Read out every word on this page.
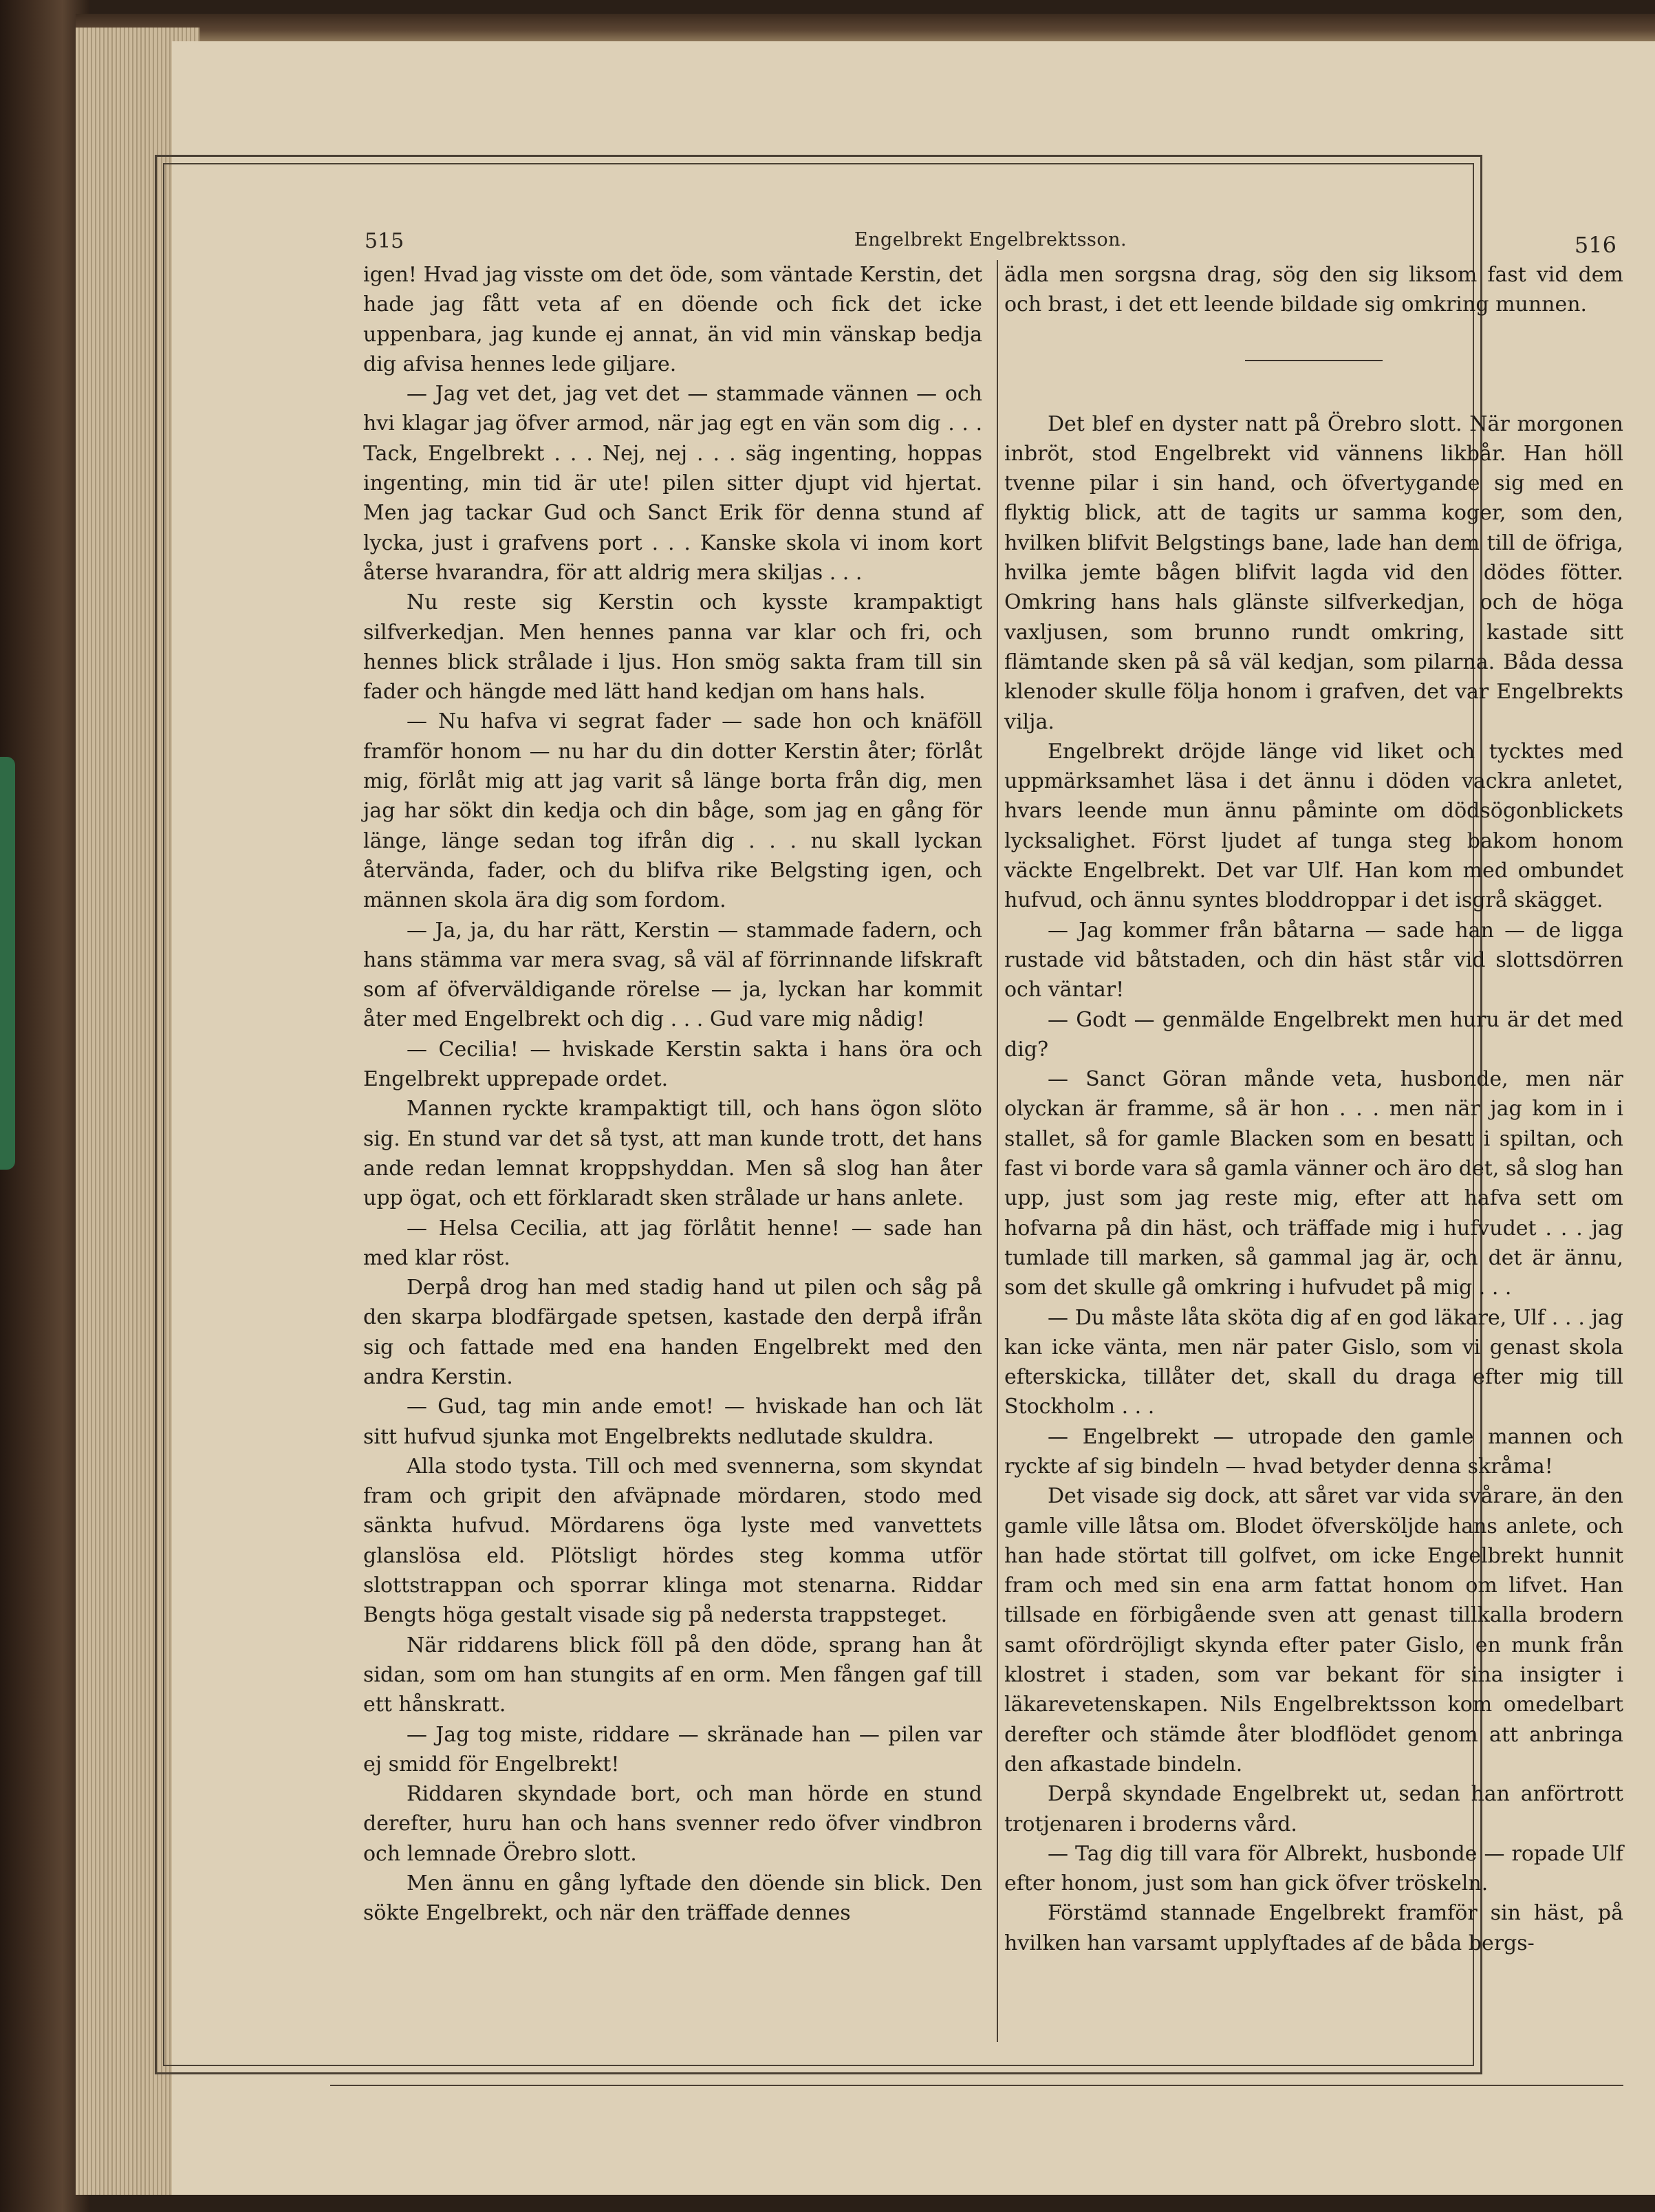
515	Engelbrekt Engelbrektsson.	516

igen! Hvad jag visste om det öde, som väntade Kerstin, det hade jag fått veta af en döende och fick det icke uppenbara, jag kunde ej annat, än vid min vänskap bedja dig afvisa hennes lede giljare.

— Jag vet det, jag vet det — stammade vännen — och hvi klagar jag öfver armod, när jag egt en vän som dig . . . Tack, Engelbrekt . . . Nej, nej . . . säg ingenting, hoppas ingenting, min tid är ute! pilen sitter djupt vid hjertat. Men jag tackar Gud och Sanct Erik för denna stund af lycka, just i grafvens port . . . Kanske skola vi inom kort återse hvarandra, för att aldrig mera skiljas . . .

Nu reste sig Kerstin och kysste krampaktigt silfverkedjan. Men hennes panna var klar och fri, och hennes blick strålade i ljus. Hon smög sakta fram till sin fader och hängde med lätt hand kedjan om hans hals.

— Nu hafva vi segrat fader — sade hon och knäföll framför honom — nu har du din dotter Kerstin åter; förlåt mig, förlåt mig att jag varit så länge borta från dig, men jag har sökt din kedja och din båge, som jag en gång för länge, länge sedan tog ifrån dig . . . nu skall lyckan återvända, fader, och du blifva rike Belgsting igen, och männen skola ära dig som fordom.

— Ja, ja, du har rätt, Kerstin — stammade fadern, och hans stämma var mera svag, så väl af förrinnande lifskraft som af öfverväldigande rörelse — ja, lyckan har kommit åter med Engelbrekt och dig . . . Gud vare mig nådig!

— Cecilia! — hviskade Kerstin sakta i hans öra och Engelbrekt upprepade ordet.

Mannen ryckte krampaktigt till, och hans ögon slöto sig. En stund var det så tyst, att man kunde trott, det hans ande redan lemnat kroppshyddan. Men så slog han åter upp ögat, och ett förklaradt sken strålade ur hans anlete.

— Helsa Cecilia, att jag förlåtit henne! — sade han med klar röst.

Derpå drog han med stadig hand ut pilen och såg på den skarpa blodfärgade spetsen, kastade den derpå ifrån sig och fattade med ena handen Engelbrekt med den andra Kerstin.

— Gud, tag min ande emot! — hviskade han och lät sitt hufvud sjunka mot Engelbrekts nedlutade skuldra.

Alla stodo tysta. Till och med svennerna, som skyndat fram och gripit den afväpnade mördaren, stodo med sänkta hufvud. Mördarens öga lyste med vanvettets glanslösa eld. Plötsligt hördes steg komma utför slottstrappan och sporrar klinga mot stenarna. Riddar Bengts höga gestalt visade sig på nedersta trappsteget.

När riddarens blick föll på den döde, sprang han åt sidan, som om han stungits af en orm. Men fången gaf till ett hånskratt.

— Jag tog miste, riddare — skränade han — pilen var ej smidd för Engelbrekt!

Riddaren skyndade bort, och man hörde en stund derefter, huru han och hans svenner redo öfver vindbron och lemnade Örebro slott.

Men ännu en gång lyftade den döende sin blick. Den sökte Engelbrekt, och när den träffade dennes

ädla men sorgsna drag, sög den sig liksom fast vid dem och brast, i det ett leende bildade sig omkring munnen.

Det blef en dyster natt på Örebro slott. När morgonen inbröt, stod Engelbrekt vid vännens likbår. Han höll tvenne pilar i sin hand, och öfvertygande sig med en flyktig blick, att de tagits ur samma koger, som den, hvilken blifvit Belgstings bane, lade han dem till de öfriga, hvilka jemte bågen blifvit lagda vid den dödes fötter. Omkring hans hals glänste silfverkedjan, och de höga vaxljusen, som brunno rundt omkring, kastade sitt flämtande sken på så väl kedjan, som pilarna. Båda dessa klenoder skulle följa honom i grafven, det var Engelbrekts vilja.

Engelbrekt dröjde länge vid liket och tycktes med uppmärksamhet läsa i det ännu i döden vackra anletet, hvars leende mun ännu påminte om dödsögonblickets lycksalighet. Först ljudet af tunga steg bakom honom väckte Engelbrekt. Det var Ulf. Han kom med ombundet hufvud, och ännu syntes bloddroppar i det isgrå skägget.

— Jag kommer från båtarna — sade han — de ligga rustade vid båtstaden, och din häst står vid slottsdörren och väntar!

— Godt — genmälde Engelbrekt men huru är det med dig?

— Sanct Göran månde veta, husbonde, men när olyckan är framme, så är hon . . . men när jag kom in i stallet, så for gamle Blacken som en besatt i spiltan, och fast vi borde vara så gamla vänner och äro det, så slog han upp, just som jag reste mig, efter att hafva sett om hofvarna på din häst, och träffade mig i hufvudet . . . jag tumlade till marken, så gammal jag är, och det är ännu, som det skulle gå omkring i hufvudet på mig . . .

— Du måste låta sköta dig af en god läkare, Ulf . . . jag kan icke vänta, men när pater Gislo, som vi genast skola efterskicka, tillåter det, skall du draga efter mig till Stockholm . . .

— Engelbrekt — utropade den gamle mannen och ryckte af sig bindeln — hvad betyder denna skråma!

Det visade sig dock, att såret var vida svårare, än den gamle ville låtsa om. Blodet öfversköljde hans anlete, och han hade störtat till golfvet, om icke Engelbrekt hunnit fram och med sin ena arm fattat honom om lifvet. Han tillsade en förbigående sven att genast tillkalla brodern samt ofördröjligt skynda efter pater Gislo, en munk från klostret i staden, som var bekant för sina insigter i läkarevetenskapen. Nils Engelbrektsson kom omedelbart derefter och stämde åter blodflödet genom att anbringa den afkastade bindeln.

Derpå skyndade Engelbrekt ut, sedan han anförtrott trotjenaren i broderns vård.

— Tag dig till vara för Albrekt, husbonde — ropade Ulf efter honom, just som han gick öfver tröskeln.

Förstämd stannade Engelbrekt framför sin häst, på hvilken han varsamt upplyftades af de båda bergs-
